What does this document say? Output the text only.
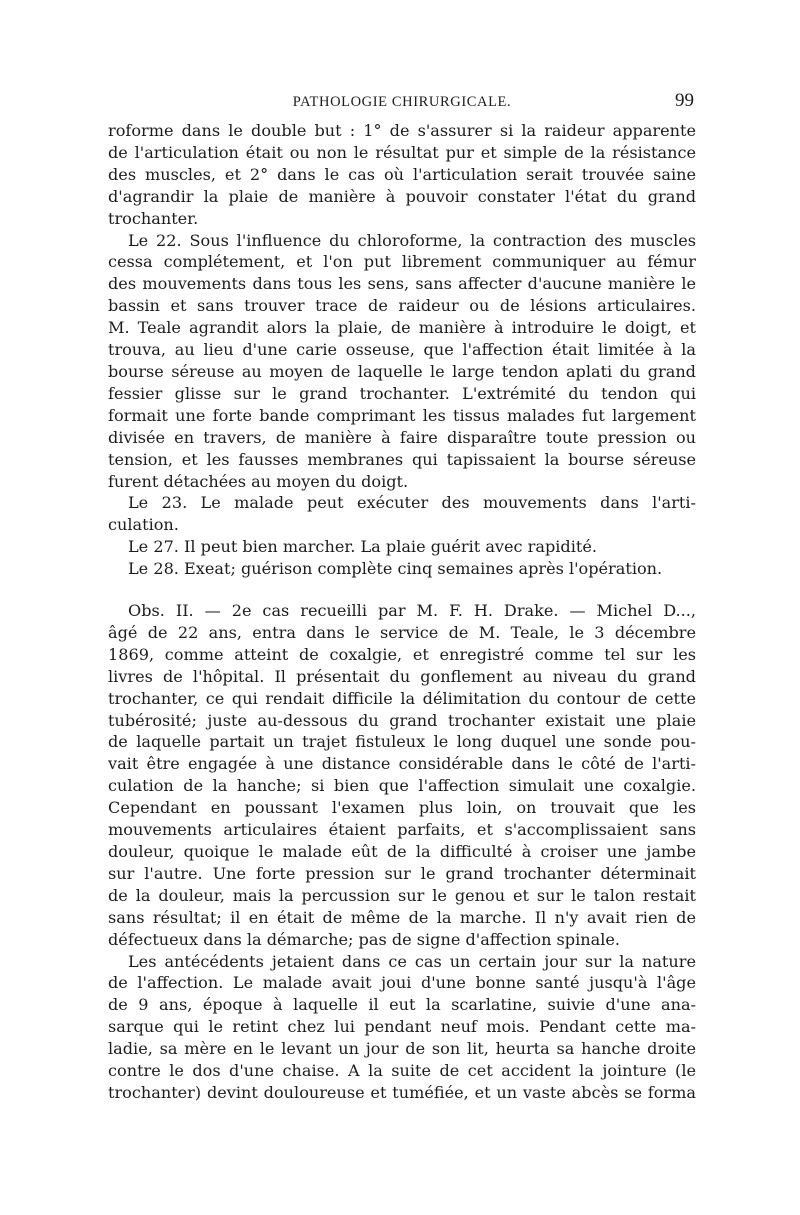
PATHOLOGIE CHIRURGICALE.	99

roforme dans le double but : 1° de s'assurer si la raideur apparente
de l'articulation était ou non le résultat pur et simple de la résistance
des muscles, et 2° dans le cas où l'articulation serait trouvée saine
d'agrandir la plaie de manière à pouvoir constater l'état du grand
trochanter.

Le 22. Sous l'influence du chloroforme, la contraction des muscles
cessa complétement, et l'on put librement communiquer au fémur
des mouvements dans tous les sens, sans affecter d'aucune manière le
bassin et sans trouver trace de raideur ou de lésions articulaires.
M. Teale agrandit alors la plaie, de manière à introduire le doigt, et
trouva, au lieu d'une carie osseuse, que l'affection était limitée à la
bourse séreuse au moyen de laquelle le large tendon aplati du grand
fessier glisse sur le grand trochanter. L'extrémité du tendon qui
formait une forte bande comprimant les tissus malades fut largement
divisée en travers, de manière à faire disparaître toute pression ou
tension, et les fausses membranes qui tapissaient la bourse séreuse
furent détachées au moyen du doigt.

Le 23. Le malade peut exécuter des mouvements dans l'arti-
culation.

Le 27. Il peut bien marcher. La plaie guérit avec rapidité.

Le 28. Exeat; guérison complète cinq semaines après l'opération.

Obs. II. — 2e cas recueilli par M. F. H. Drake. — Michel D...,
âgé de 22 ans, entra dans le service de M. Teale, le 3 décembre
1869, comme atteint de coxalgie, et enregistré comme tel sur les
livres de l'hôpital. Il présentait du gonflement au niveau du grand
trochanter, ce qui rendait difficile la délimitation du contour de cette
tubérosité; juste au-dessous du grand trochanter existait une plaie
de laquelle partait un trajet fistuleux le long duquel une sonde pou-
vait être engagée à une distance considérable dans le côté de l'arti-
culation de la hanche; si bien que l'affection simulait une coxalgie.
Cependant en poussant l'examen plus loin, on trouvait que les
mouvements articulaires étaient parfaits, et s'accomplissaient sans
douleur, quoique le malade eût de la difficulté à croiser une jambe
sur l'autre. Une forte pression sur le grand trochanter déterminait
de la douleur, mais la percussion sur le genou et sur le talon restait
sans résultat; il en était de même de la marche. Il n'y avait rien de
défectueux dans la démarche; pas de signe d'affection spinale.

Les antécédents jetaient dans ce cas un certain jour sur la nature
de l'affection. Le malade avait joui d'une bonne santé jusqu'à l'âge
de 9 ans, époque à laquelle il eut la scarlatine, suivie d'une ana-
sarque qui le retint chez lui pendant neuf mois. Pendant cette ma-
ladie, sa mère en le levant un jour de son lit, heurta sa hanche droite
contre le dos d'une chaise. A la suite de cet accident la jointure (le
trochanter) devint douloureuse et tuméfiée, et un vaste abcès se forma
